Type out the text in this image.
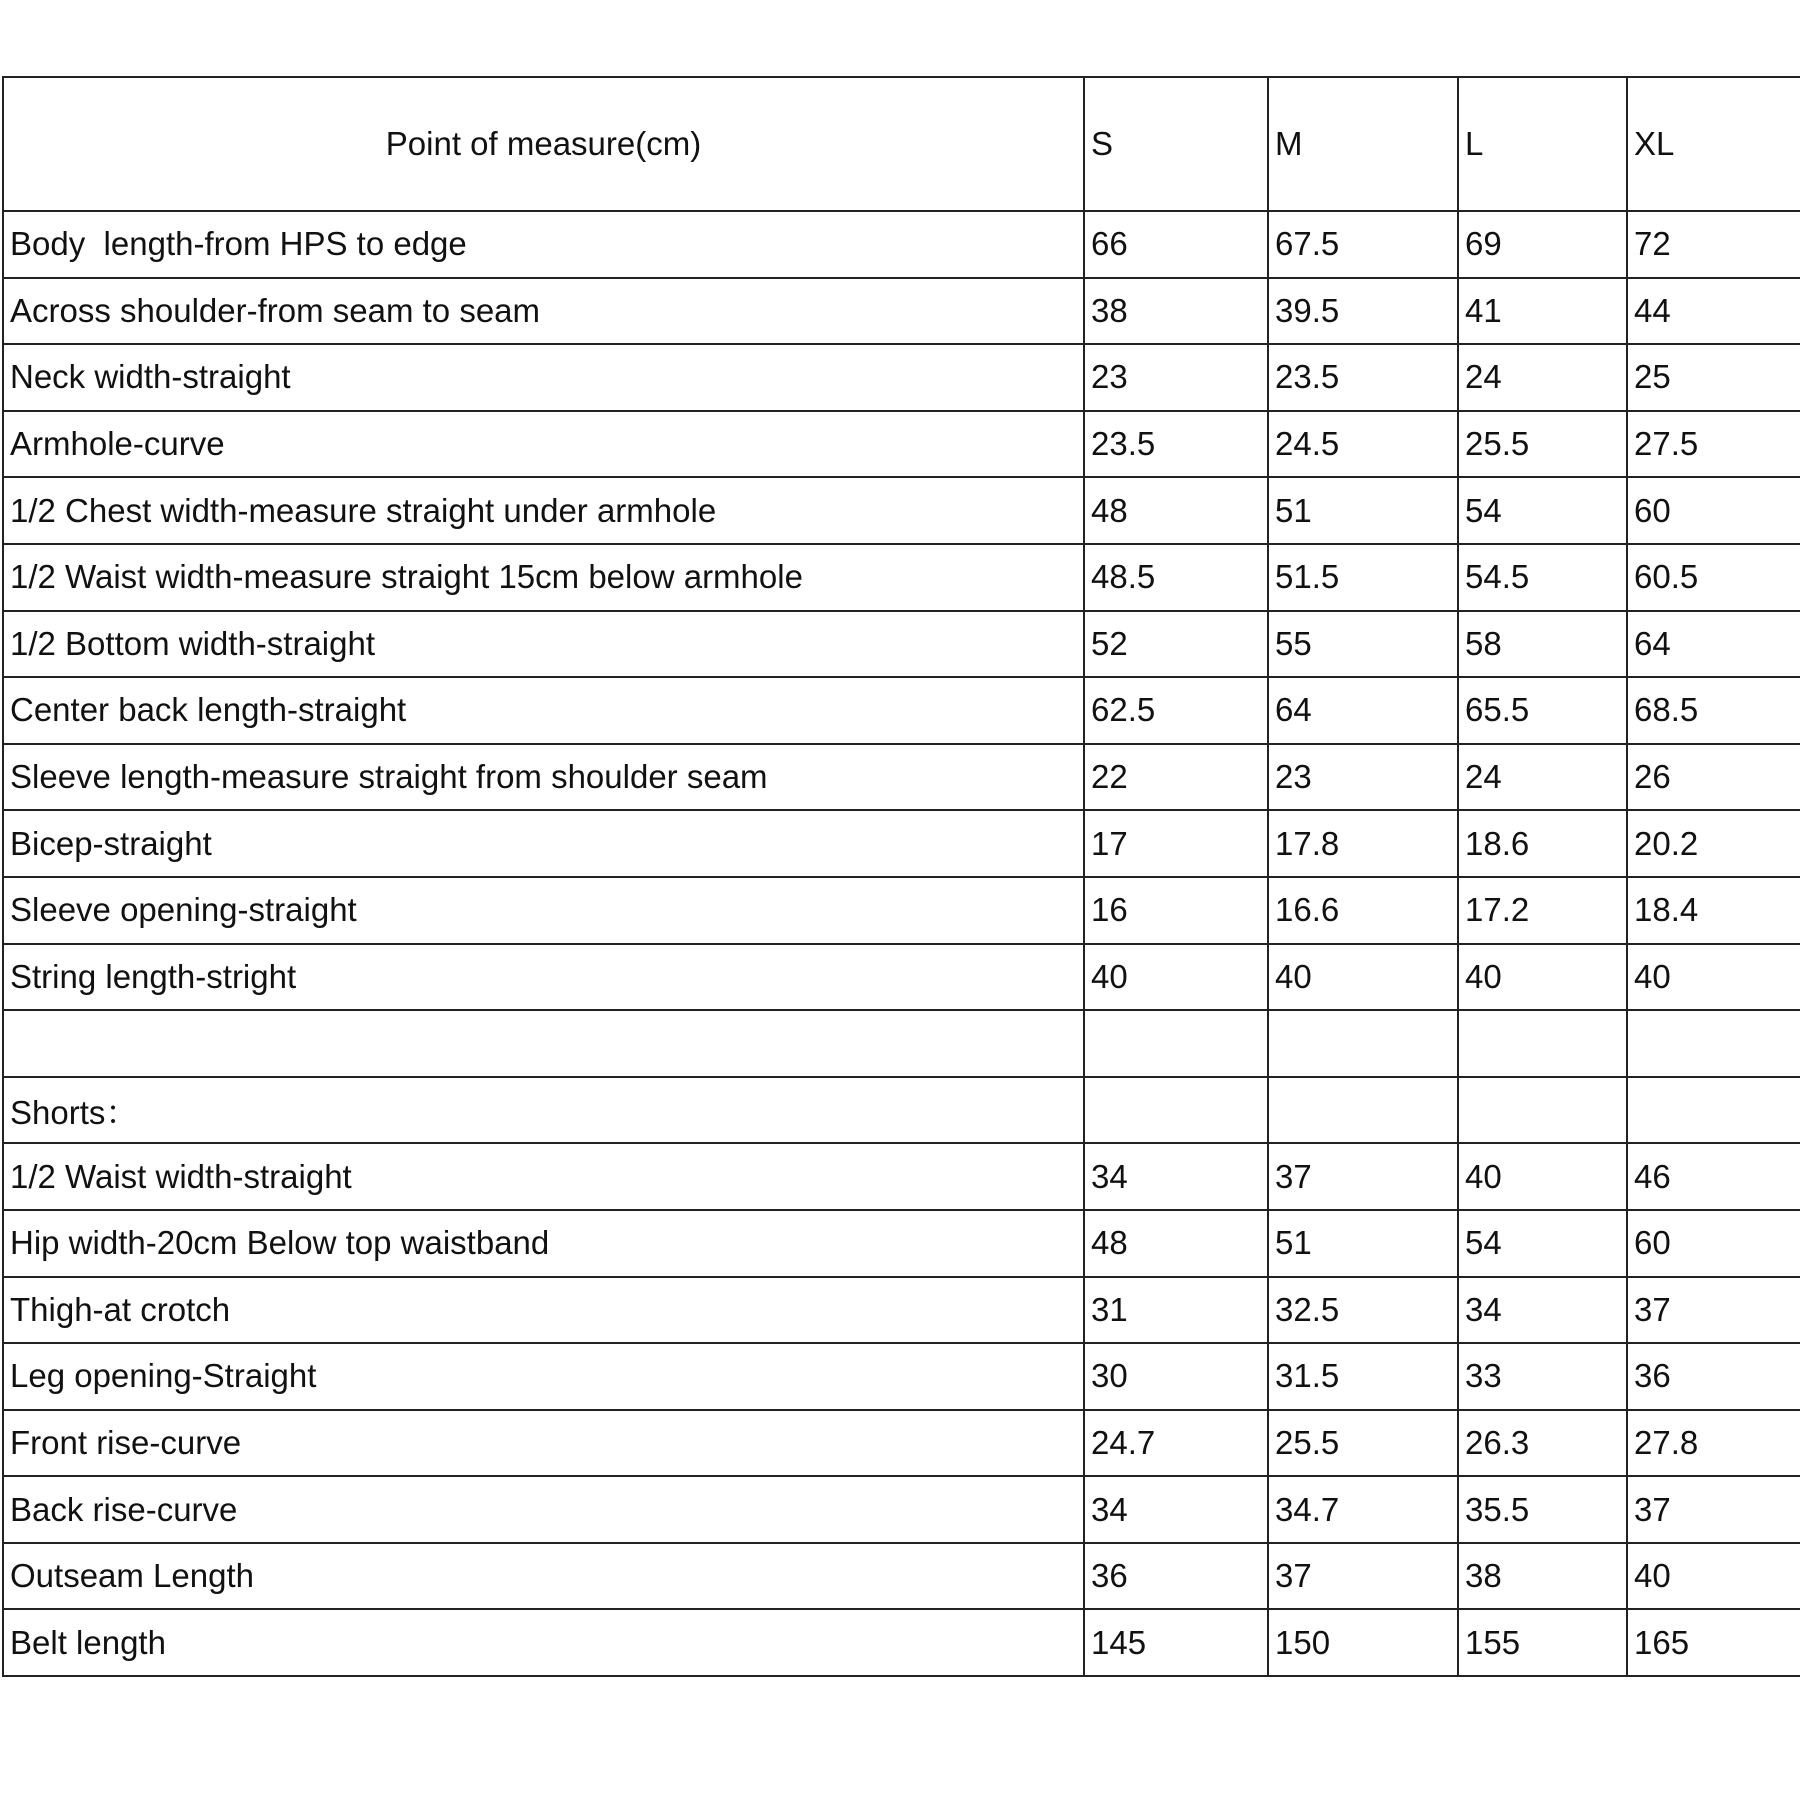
Point of measure(cm)	S	M	L	XL
Body  length-from HPS to edge	66	67.5	69	72
Across shoulder-from seam to seam	38	39.5	41	44
Neck width-straight	23	23.5	24	25
Armhole-curve	23.5	24.5	25.5	27.5
1/2 Chest width-measure straight under armhole	48	51	54	60
1/2 Waist width-measure straight 15cm below armhole	48.5	51.5	54.5	60.5
1/2 Bottom width-straight	52	55	58	64
Center back length-straight	62.5	64	65.5	68.5
Sleeve length-measure straight from shoulder seam	22	23	24	26
Bicep-straight	17	17.8	18.6	20.2
Sleeve opening-straight	16	16.6	17.2	18.4
String length-stright	40	40	40	40

Shorts：				
1/2 Waist width-straight	34	37	40	46
Hip width-20cm Below top waistband	48	51	54	60
Thigh-at crotch	31	32.5	34	37
Leg opening-Straight	30	31.5	33	36
Front rise-curve	24.7	25.5	26.3	27.8
Back rise-curve	34	34.7	35.5	37
Outseam Length	36	37	38	40
Belt length	145	150	155	165
